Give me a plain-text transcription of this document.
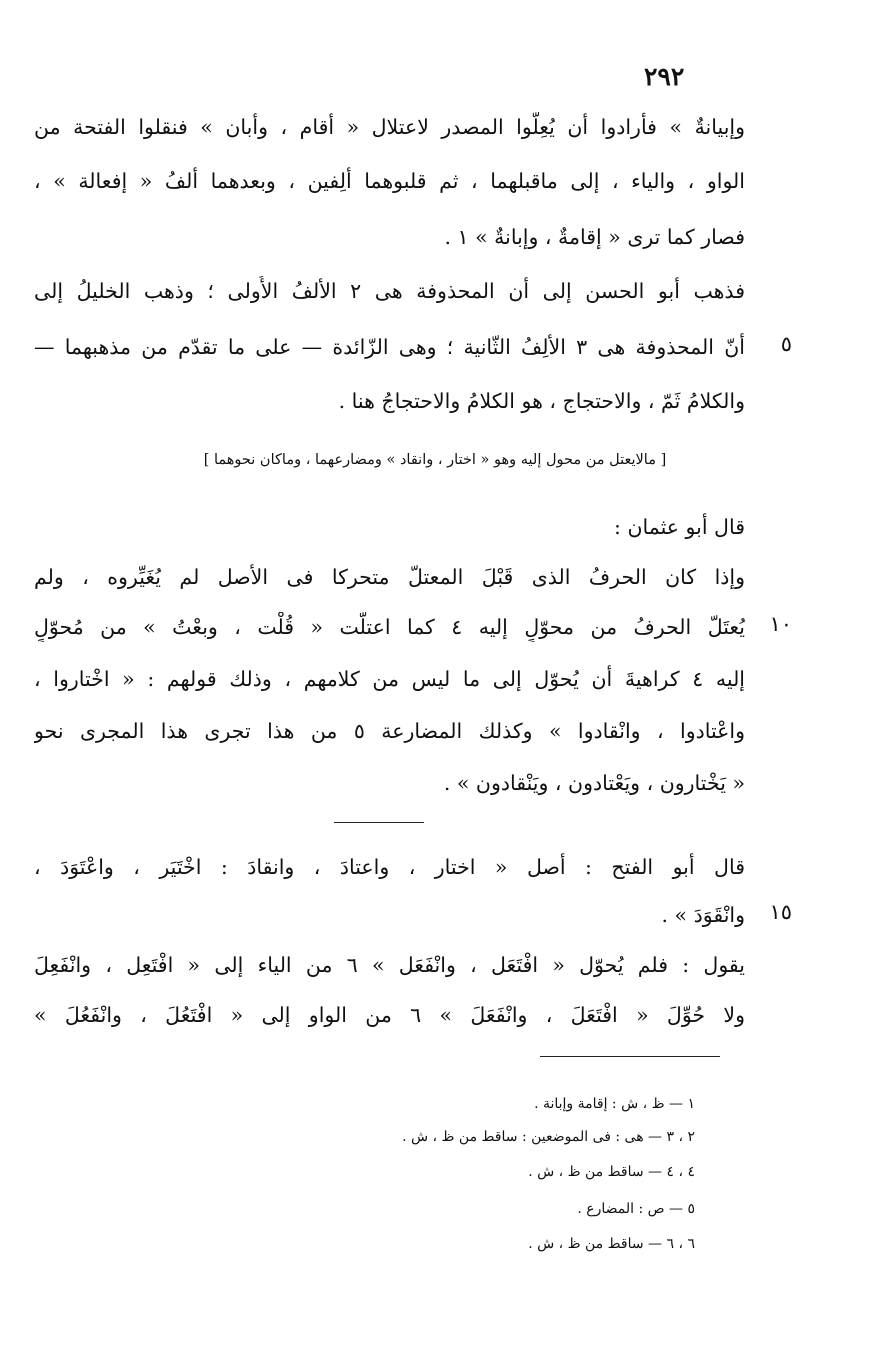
٢٩٢
وإبيانةٌ » فأرادوا أن يُعِلُّوا المصدر لاعتلال « أقام ، وأبان » فنقلوا الفتحة من
الواو ، والياء ، إلى ماقبلهما ، ثم قلبوهما ألِفين ، وبعدهما ألفُ « إفعالة » ،
فصار كما ترى « إقامةٌ ، وإبانةٌ » ١ .
فذهب أبو الحسن إلى أن المحذوفة هى ٢ الألفُ الأُولى ؛ وذهب الخليلُ إلى
أنّ المحذوفة هى ٣ الألِفُ الثّانية ؛ وهى الزّائدة — على ما تقدّم من مذهبهما —
والكلامُ ثَمّ ، والاحتجاج ، هو الكلامُ والاحتجاجُ هنا .
قال أبو عثمان :
وإذا كان الحرفُ الذى قَبْلَ المعتلّ متحركا فى الأصل لم يُغَيِّروه ، ولم
يُعتَلّ الحرفُ من محوّلٍ إليه ٤ كما اعتلّت « قُلْت ، وبعْتُ » من مُحوّلٍ
إليه ٤ كراهيةَ أن يُحوّل إلى ما ليس من كلامهم ، وذلك قولهم : « اخْتاروا ،
واعْتادوا ، وانْقادوا » وكذلك المضارعة ٥ من هذا تجرى هذا المجرى نحو
« يَخْتارون ، ويَعْتادون ، ويَنْقادون » .
قال أبو الفتح : أصل « اختار ، واعتادَ ، وانقادَ : اخْتَيَر ، واعْتَوَدَ ،
وانْقَوَدَ » .
يقول : فلم يُحوّل « افْتَعَل ، وانْفَعَل » ٦ من الياء إلى « افْتَعِل ، وانْفَعِلَ
ولا حُوِّلَ « افْتَعَلَ ، وانْفَعَلَ » ٦ من الواو إلى « افْتَعُلَ ، وانْفَعُلَ »
٥
١٠
١٥
[ مالايعتل من محول إليه وهو « اختار ، وانقاد » ومضارعهما ، وماكان نحوهما ]
١ — ظ ، ش : إقامة وإبانة .
٢ ، ٣ — هى : فى الموضعين : ساقط من ظ ، ش .
٤ ، ٤ — ساقط من ظ ، ش .
٥ — ص : المضارع .
٦ ، ٦ — ساقط من ظ ، ش .
